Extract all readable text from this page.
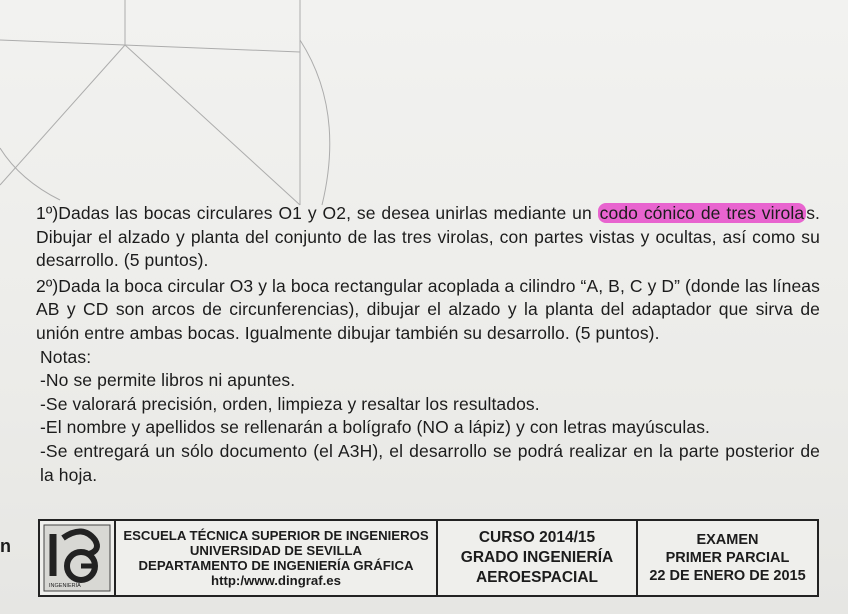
1º)Dadas las bocas circulares O1 y O2, se desea unirlas mediante un codo cónico de tres virola s. Dibujar el alzado y planta del conjunto de las tres virolas, con partes vistas y ocultas, así como su desarrollo. (5 puntos).
2º)Dada la boca circular O3 y la boca rectangular acoplada a cilindro “A, B, C y D” (donde las líneas AB y CD son arcos de circunferencias), dibujar el alzado y la planta del adaptador que sirva de unión entre ambas bocas. Igualmente dibujar también su desarrollo. (5 puntos).
Notas:
-No se permite libros ni apuntes.
-Se valorará precisión, orden, limpieza y resaltar los resultados.
-El nombre y apellidos se rellenarán a bolígrafo (NO a lápiz) y con letras mayúsculas.
-Se entregará un sólo documento (el A3H), el desarrollo se podrá realizar en la parte posterior de la hoja.
n
INGENIERÍA
ESCUELA TÉCNICA SUPERIOR DE INGENIEROS
UNIVERSIDAD DE SEVILLA
DEPARTAMENTO DE INGENIERÍA GRÁFICA
http:/www.dingraf.es
CURSO 2014/15
GRADO INGENIERÍA
AEROESPACIAL
EXAMEN
PRIMER PARCIAL
22 DE ENERO DE 2015
